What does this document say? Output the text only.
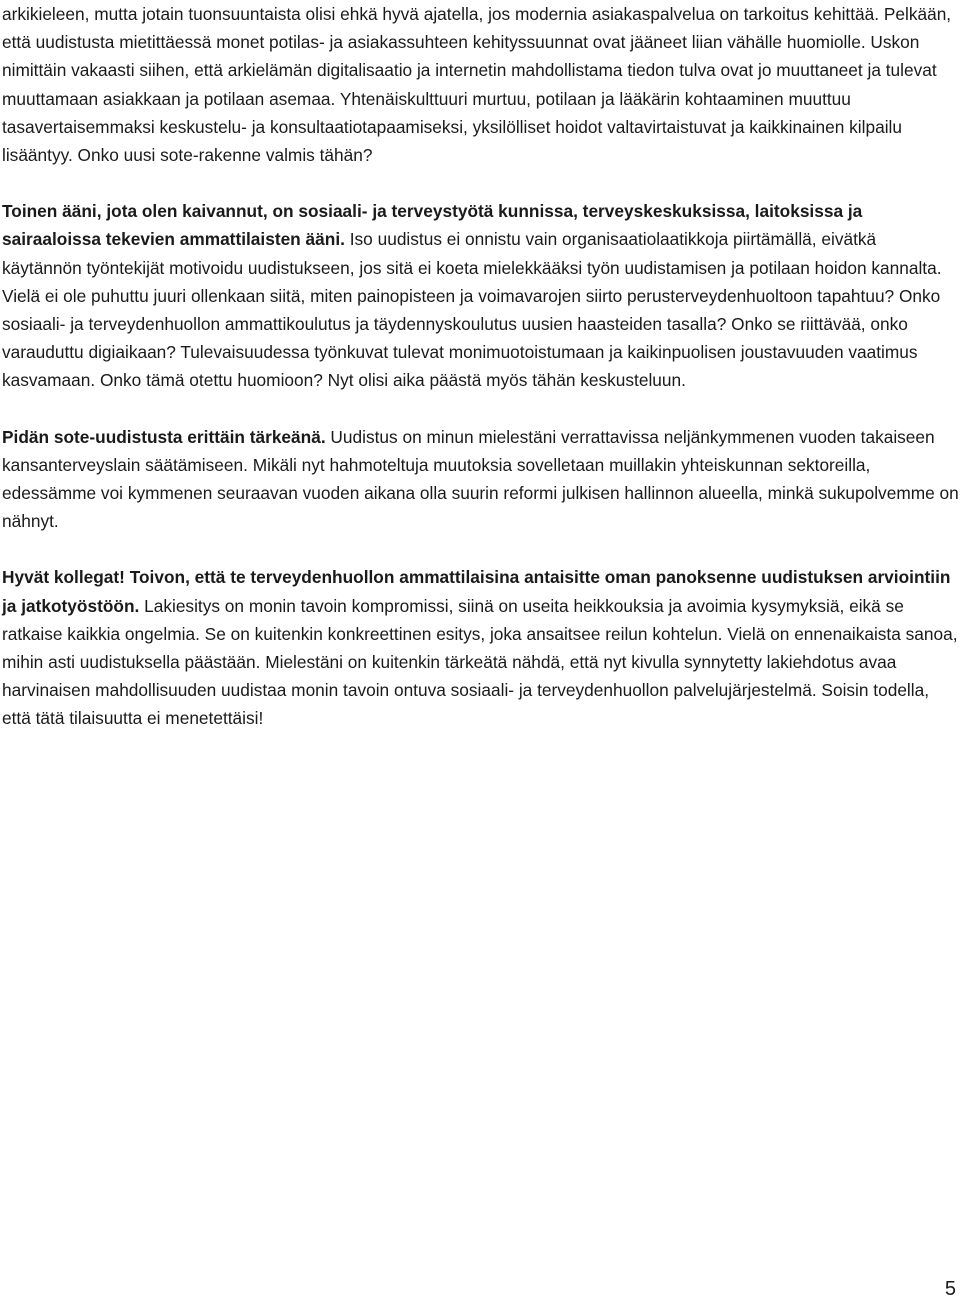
arkikieleen, mutta jotain tuonsuuntaista olisi ehkä hyvä ajatella, jos modernia asiakaspalvelua on tarkoitus kehittää. Pelkään, että uudistusta mietittäessä monet potilas- ja asiakassuhteen kehityssuunnat ovat jääneet liian vähälle huomiolle. Uskon nimittäin vakaasti siihen, että arkielämän digitalisaatio ja internetin mahdollistama tiedon tulva ovat jo muuttaneet ja tulevat muuttamaan asiakkaan ja potilaan asemaa. Yhtenäiskulttuuri murtuu, potilaan ja lääkärin kohtaaminen muuttuu tasavertaisemmaksi keskustelu- ja konsultaatiotapaamiseksi, yksilölliset hoidot valtavirtaistuvat ja kaikkinainen kilpailu lisääntyy. Onko uusi sote-rakenne valmis tähän?

Toinen ääni, jota olen kaivannut, on sosiaali- ja terveystyötä kunnissa, terveyskeskuksissa, laitoksissa ja sairaaloissa tekevien ammattilaisten ääni. Iso uudistus ei onnistu vain organisaatiolaatikkoja piirtämällä, eivätkä käytännön työntekijät motivoidu uudistukseen, jos sitä ei koeta mielekkääksi työn uudistamisen ja potilaan hoidon kannalta. Vielä ei ole puhuttu juuri ollenkaan siitä, miten painopisteen ja voimavarojen siirto perusterveydenhuoltoon tapahtuu? Onko sosiaali- ja terveydenhuollon ammattikoulutus ja täydennyskoulutus uusien haasteiden tasalla? Onko se riittävää, onko varauduttu digiaikaan? Tulevaisuudessa työnkuvat tulevat monimuotoistumaan ja kaikinpuolisen joustavuuden vaatimus kasvamaan. Onko tämä otettu huomioon? Nyt olisi aika päästä myös tähän keskusteluun.

Pidän sote-uudistusta erittäin tärkeänä. Uudistus on minun mielestäni verrattavissa neljänkymmenen vuoden takaiseen kansanterveyslain säätämiseen. Mikäli nyt hahmoteltuja muutoksia sovelletaan muillakin yhteiskunnan sektoreilla, edessämme voi kymmenen seuraavan vuoden aikana olla suurin reformi julkisen hallinnon alueella, minkä sukupolvemme on nähnyt.

Hyvät kollegat! Toivon, että te terveydenhuollon ammattilaisina antaisitte oman panoksenne uudistuksen arviointiin ja jatkotyöstöön. Lakiesitys on monin tavoin kompromissi, siinä on useita heikkouksia ja avoimia kysymyksiä, eikä se ratkaise kaikkia ongelmia. Se on kuitenkin konkreettinen esitys, joka ansaitsee reilun kohtelun. Vielä on ennenaikaista sanoa, mihin asti uudistuksella päästään. Mielestäni on kuitenkin tärkeätä nähdä, että nyt kivulla synnytetty lakiehdotus avaa harvinaisen mahdollisuuden uudistaa monin tavoin ontuva sosiaali- ja terveydenhuollon palvelujärjestelmä. Soisin todella, että tätä tilaisuutta ei menetettäisi!

5
